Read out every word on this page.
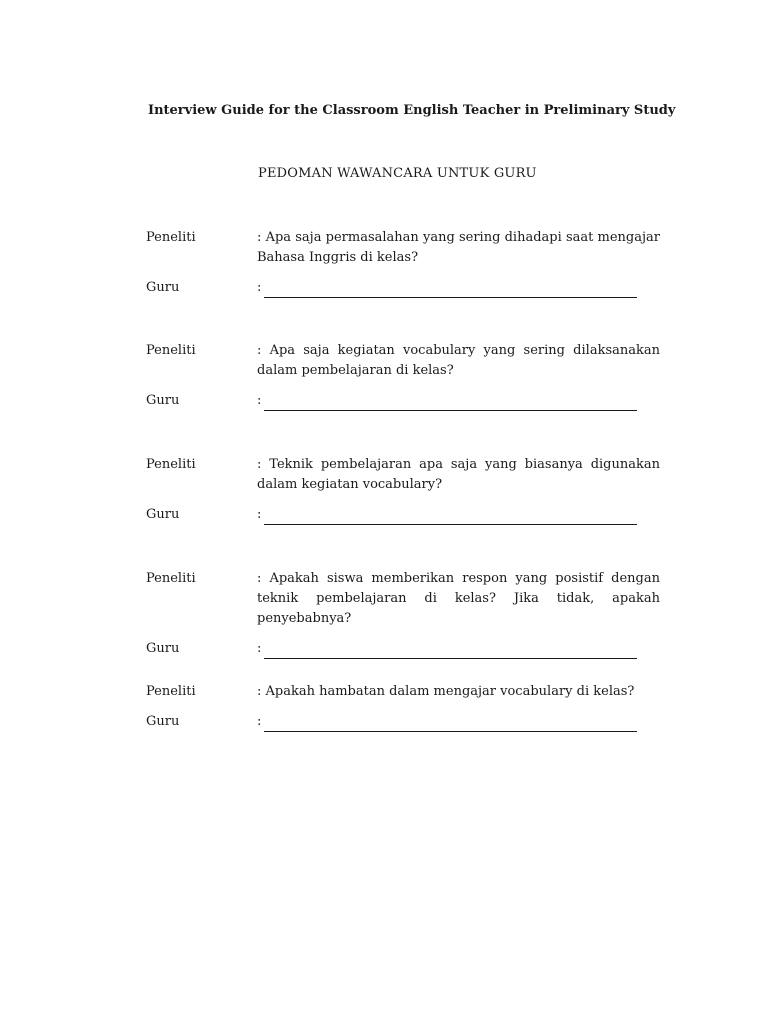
Interview Guide for the Classroom English Teacher in Preliminary Study
PEDOMAN WAWANCARA UNTUK GURU
Peneliti	: Apa saja permasalahan yang sering dihadapi saat mengajar Bahasa Inggris di kelas?
Guru	:
Peneliti	: Apa saja kegiatan vocabulary yang sering dilaksanakan dalam pembelajaran di kelas?
Guru	:
Peneliti	: Teknik pembelajaran apa saja yang biasanya digunakan dalam kegiatan vocabulary?
Guru	:
Peneliti	: Apakah siswa memberikan respon yang posistif dengan teknik pembelajaran di kelas? Jika tidak, apakah penyebabnya?
Guru	:
Peneliti	: Apakah hambatan dalam mengajar vocabulary di kelas?
Guru	:
